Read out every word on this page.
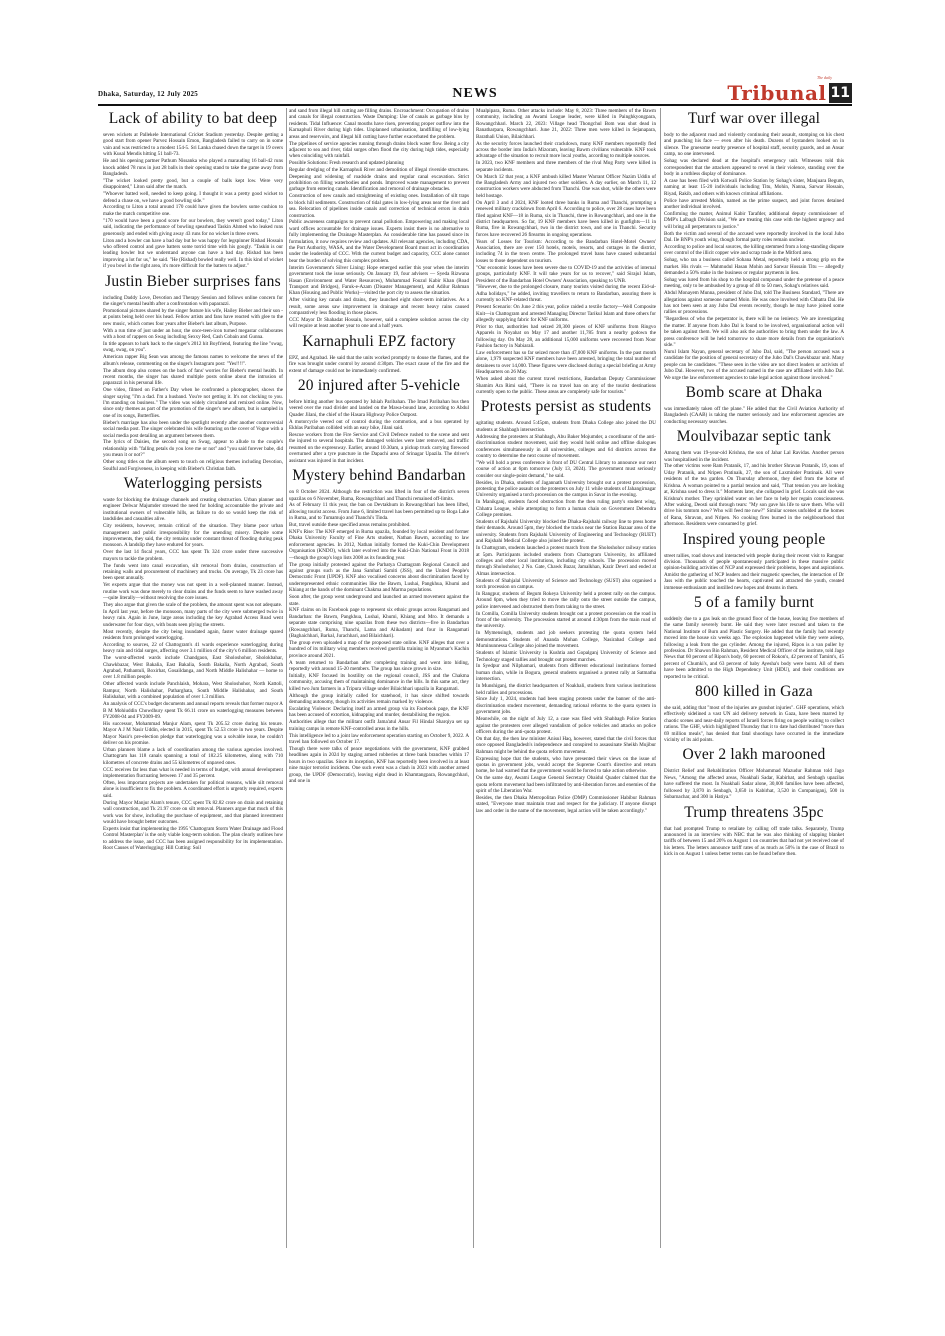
Dhaka, Saturday, 12 July 2025	NEWS
The daily
Tribunal 11
Lack of ability to bat deep

seven wickets at Pallekele International Cricket Stadium yesterday. Despite getting a good start from opener Parvez Hossain Emon, Bangladesh failed to carry on in some vain and was restricted to a modest 154-5. Sri Lanka chased down the target in 19 overs with Kusal Mendis hitting 51 ball-73.

He and his opening partner Pathum Nissanka who played a marauding 16 ball-42 runs knock added 78 runs in just 28 balls in their opening stand to take the game away from Bangladesh.

"The wicket looked pretty good, but a couple of balls kept low. Were very disappointed," Liton said after the match.

"Whoever batted well, needed to keep going. I thought it was a pretty good wicket to defend a chase on, we have a good bowling side."

According to Liton a total around 170 could have given the bowlers some cushion to make the match competitive one.

"170 would have been a good score for our bowlers, they weren't good today," Liton said, indicating the performance of bowling spearhead Taskin Ahmed who leaked runs generously and ended with giving away 43 runs for no wicket in three overs.

Liton and a bowler can have a bad day but he was happy for legspinner Rishad Hossain who offered control and gave batters some torrid time with his googly. "Taskin is our leading bowler but we understand anyone can have a bad day. Rishad has been improving a lot for us," he said. "He (Rishad) bowled really well. In this kind of wicket if you bowl in the right area, it's more difficult for the batters to adjust."

Justin Bieber surprises fans

including Daddy Love, Devotion and Therapy Session and follows online concern for the singer's mental health after a confrontation with paparazzi.

Promotional pictures shared by the singer feature his wife, Hailey Bieber and their son - at points being held over his head. Fellow artists and fans have reacted with glee to the new music, which comes four years after Bieber's last album, Purpose.

With a run time of just under an hour, the once-teen-icon turned megastar collaborates with a host of rappers on Swag including Sexxy Red, Cash Cobain and Gunna.

In title appears to hark back to the singer's 2012 hit Boyfriend, featuring the line "swag, swag, swag, on you".

American rapper Big Sean was among the famous names to welcome the news of the album's release, commenting on the singer's Instagram post: "Yes!!!!".

The album drop also comes on the back of fans' worries for Bieber's mental health. In recent months, the singer has shared multiple posts online about the intrusion of paparazzi in his personal life.

One video, filmed on Father's Day when he confronted a photographer, shows the singer saying "I'm a dad. I'm a husband. You're not getting it. It's not clocking to you. I'm standing on business." The video was widely circulated and remixed online. Now, since only themes as part of the promotion of the singer's new album, but is sampled in one of its songs, Butterflies.

Bieber's marriage has also been under the spotlight recently after another controversial social media post. The singer celebrated his wife featuring on the cover of Vogue with a social media post detailing an argument between them.

The lyrics of Daisies, the second song on Swag, appear to allude to the couple's relationship with "falling petals do you love me or not" and "you said forever babe, did you mean it or not?"

Other song titles on the album seem to touch on religious themes including Devotion, Soulful and Forgiveness, in keeping with Bieber's Christian faith.

Waterlogging persists

waste for blocking the drainage channels and creating obstruction. Urban planner and engineer Delwar Majumder stressed the need for holding accountable the private and institutional owners of vulnerable hills, as failure to do so would keep the risk of landslides and casualties alive.

City residents, however, remain critical of the situation. They blame poor urban management and public irresponsibility for the unending misery. Despite some improvements, they said, the city remains under constant threat of flooding during peak monsoon. A landslip they have endured for years.

Over the last 14 fiscal years, CCC has spent Tk 324 crore under three successive mayors to tackle the problem.

The funds went into canal excavation, silt removal from drains, construction of retaining walls and procurement of machinery and trucks. On average, Tk 23 crore has been spent annually.

Yet experts argue that the money was not spent in a well-planned manner. Instead, routine work was done merely to clear drains and the funds seem to have washed away—quite literally—without resolving the core issues.

They also argue that given the scale of the problem, the amount spent was not adequate.

In April last year, before the monsoon, many parts of the city were submerged twice in heavy rain. Again in June, large areas including the key Agrabad Access Road went underwater for four days, with boats seen plying the streets.

Most recently, despite the city being inundated again, faster water drainage spared residents from prolonged waterlogging.

According to sources, 22 of Chattogram's 41 wards experience waterlogging during heavy rain and tidal surges, affecting over 3.1 million of the city's 6 million residents.

The worst-affected wards include Chandgaon, East Sholoshohor, Sholokbahar, Chawkbazar, West Bakalia, East Bakalia, South Bakalia, North Agrabad, South Agrabad, Pathantuli, Boxirhat, Gosaildanga, and North Middle Halishahar — home to over 1.8 million people.

Other affected wards include Panchlaish, Mohara, West Sholoshohor, North Kattoli, Rampur, North Halishahar, Patharghata, South Middle Halishahar, and South Halishahar, with a combined population of over 1.3 million.

An analysis of CCC's budget documents and annual reports reveals that former mayor A B M Mohiuddin Chowdhury spent Tk 66.11 crore on waterlogging measures between FY2008-04 and FY2009-09.

His successor, Mohammad Manjur Alam, spent Tk 205.52 crore during his tenure. Mayor A J M Nasir Uddin, elected in 2015, spent Tk 52.53 crore in two years. Despite Mayor Nasir's pre-election pledge that waterlogging was a solvable issue, he couldn't deliver on his promise.

Urban planners blame a lack of coordination among the various agencies involved. Chattogram has 118 canals spanning a total of 182.25 kilometres, along with 710 kilometres of concrete drains and 55 kilometres of unpaved ones.

CCC receives far less than what is needed in terms of budget, with annual development implementation fluctuating between 17 and 35 percent.

Often, less important projects are undertaken for political reasons, while silt removal alone is insufficient to fix the problem. A coordinated effort is urgently required, experts said.

During Mayor Manjur Alam's tenure, CCC spent Tk 82.82 crore on drain and retaining wall construction, and Tk 21.97 crore on silt removal. Planners argue that much of this work was for show, including the purchase of equipment, and that planned investment would have brought better outcomes.

Experts insist that implementing the 1995 'Chattogram Storm Water Drainage and Flood Control Masterplan' is the only viable long-term solution. The plan clearly outlines how to address the issue, and CCC has been assigned responsibility for its implementation. Root Causes of Waterlogging: Hill Cutting: Soil

and sand from illegal hill cutting are filling drains. Encroachment: Occupation of drains and canals for illegal construction. Waste Dumping: Use of canals as garbage bins by residents. Tidal Influence: Canal mouths have risen, preventing proper outflow into the Karnaphuli River during high tides. Unplanned urbanisation, landfilling of low-lying areas and reservoirs, and illegal hill cutting have further exacerbated the problem.

The pipelines of service agencies running through drains block water flow. Being a city adjacent to sea and river, tidal surges often flood the city during high tides, especially when coinciding with rainfall.

Possible Solutions: Fresh research and updated planning

Regular dredging of the Karnaphuli River and demolition of illegal riverside structures. Deepening and widening of roadside drains and regular canal excavation. Strict prohibition on filling waterbodies and ponds. Improved waste management to prevent garbage from entering canals. Identification and removal of drainage obstacles.

Construction of new canals and straightening of existing ones. Installation of silt traps to block hill sediments. Construction of tidal gates in low-lying areas near the river and sea. Relocation of pipelines inside canals and correction of technical errors in drain construction.

Public awareness campaigns to prevent canal pollution. Empowering and making local ward offices accountable for drainage issues. Experts insist there is no alternative to fully implementing the Drainage Masterplan. As considerable time has passed since its formulation, it now requires review and updates. All relevant agencies, including CDA, the Port Authority, WASA, and the Water Development Board must act in coordination under the leadership of CCC. With the current budget and capacity, CCC alone cannot bear the burden of solving this complex problem.

Interim Government's Silver Lining: Hope emerged earlier this year when the interim government took the issue seriously. On January 19, four advisers — Syeda Rizwana Hasan (Environment and Water Resources), Muhammad Fouzul Kabir Khan (Road Transport and Bridges), Faruk-e-Azam (Disaster Management), and Adilur Rahman Khan (Housing and Public Works)—visited the port city to assess the situation.

After visiting key canals and drains, they launched eight short-term initiatives. As a result, some areas saw improvement in drainage and recent heavy rains caused comparatively less flooding in those places.

CCC Mayor Dr Shahadat Hossain, however, said a complete solution across the city will require at least another year to one and a half years.

Karnaphuli EPZ factory

EPZ, and Agrabad. He said that the units worked promptly to douse the flames, and the fire was brought under control by around 4:30pm. The exact cause of the fire and the extent of damage could not be immediately confirmed.

20 injured after 5-vehicle

before hitting another bus operated by Ishiah Paribahan. The Imad Paribahan bus then veered over the road divider and landed on the Mawa-bound lane, according to Abdul Quader Jilani, the chief of the Hasara Highway Police Outpost.

A motorcycle veered out of control during the commotion, and a bus operated by Ekhlas Paribahan collided with an easy bike, Jilani said.

Rescue workers from the Fire Service and Civil Defence rushed to the scene and sent the injured to several hospitals. The damaged vehicles were later removed, and traffic resumed on the expressway. Earlier, around 10.30am, a pickup truck carrying firewood overturned after a tyre puncture in the Dapachi area of Srinagar Upazila. The driver's assistant was injured in that incident.

Mystery behind Bandarban

on 8 October 2024. Although the restriction was lifted in four of the district's seven upazilas on 6 November, Ruma, Rowangchhari and Thanchi remained off-limits.

As of February 11 this year, the ban on Devtakhum in Rowangchhari has been lifted, allowing tourist access. From June 6, limited travel has been permitted up to Boga Lake in Ruma, and to Tumamujo and Thanchi's Tinda.

But, travel outside these specified areas remains prohibited.

KNF's Rise: The KNF emerged in Ruma upazila, founded by local resident and former Dhaka University Faculty of Fine Arts student, Nathan Bawm, according to law enforcement agencies. In 2012, Nathan initially formed the Kuki-Chin Development Organisation (KNDO), which later evolved into the Kuki-Chin National Front in 2018—though the group's logo lists 2008 as its founding year.

The group initially protested against the Parbatya Chattagram Regional Council and against groups such as the Jana Samhati Samiti (JSS), and the United People's Democratic Front (UPDF). KNF also vocalised concerns about discrimination faced by underrepresented ethnic communities like the Bawm, Lushai, Pangkhua, Khumi and Khiang at the hands of the dominant Chakma and Marma populations.

Soon after, the group went underground and launched an armed movement against the state.

KNF claims on its Facebook page to represent six ethnic groups across Rangamati and Bandarban: the Bawm, Pangkhua, Lushai, Khumi, Khiang and Mro. It demands a separate state comprising nine upazilas from these two districts—five in Bandarban (Rowangchhari, Ruma, Thanchi, Lama and Alikadam) and four in Rangamati (Baghaichhari, Barkal, Jurachhari, and Bilaichhari).

The group even uploaded a map of the proposed state online. KNF alleges that over a hundred of its military wing members received guerrilla training in Myanmar's Kachin province around 2021.

A team returned to Bandarban after completing training and went into hiding, reportedly with around 15-20 members. The group has since grown in size.

Initially, KNF focused its hostility on the regional council, JSS and the Chakma community, accusing them of maintaining dominance in the hills. In this same act, they killed two Jum farmers in a Tripura village under Bilaichhari upazila in Rangamati.

Although the group initially called for statehood, it has since shifted towards demanding autonomy, though its activities remain marked by violence.

Escalating Violence: Declaring itself an armed group via its Facebook page, the KNF has been accused of extortion, kidnapping and murder, destabilising the region.

Authorities allege that the militant outfit Jama'atul Ansar Fil Hindal Sharqiya set up training camps in remote KNF-controlled areas in the hills.

This intelligence led to a joint law enforcement operation starting on October 9, 2022. A travel ban followed on October 17.

Though there were talks of peace negotiations with the government, KNF grabbed headlines again in 2024 by staging armed robberies at three bank branches within 17 hours in two upazilas. Since its inception, KNF has reportedly been involved in at least nine major terrorist incidents. One such event was a clash in 2023 with another armed group, the UPDF (Democratic), leaving eight dead in Khamtangpara, Rowangchhari, and one in

Mualpipara, Ruma. Other attacks include: May 8, 2023: Three members of the Bawm community, including an Awami League leader, were killed in Painghkyongpara, Rowangchhari. March 22, 2023: Village head Thongchul Bom was shot dead in Ranatharpara, Rowangchhari. June 21, 2022: Three men were killed in Sejanapara, Barathali Union, Bilaichhari.

As the security forces launched their crackdown, many KNF members reportedly fled across the border into India's Mizoram, leaving Bawm civilians vulnerable. KNF took advantage of the situation to recruit more local youths, according to multiple sources.

In 2023, two KNF members and three members of the rival Mog Party were killed in separate incidents.

On March 12 that year, a KNF ambush killed Master Warrant Officer Nazim Uddin of the Bangladesh Army and injured two other soldiers. A day earlier, on March 11, 12 construction workers were abducted from Thanchi. One was shot, while the others were held hostage.

On April 3 and 4 2024, KNF looted three banks in Ruma and Thanchi, prompting a renewed military crackdown from April 6. According to police, over 28 cases have been filed against KNF—18 in Ruma, six in Thanchi, three in Rowangchhari, and one in the district headquarters. So far, 19 KNF members have been killed in gunfights—11 in Ruma, five in Rowangchhari, two in the district town, and one in Thanchi. Security forces have recovered 26 firearms in ongoing operations.

Years of Losses for Tourism: According to the Bandarban Hotel-Motel Owners' Association, there are over 150 hotels, motels, resorts, and cottages in the district, including 74 in the town centre. The prolonged travel bans have caused substantial losses to those dependent on tourism.

"Our economic losses have been severe due to COVID-19 and the activities of internal groups, particularly KNF. It will take years for us to recover," said Sirajul Islam, President of the Bandarban Hotel Owners' Association, speaking to UNB.

"However, due to the prolonged closure, many tourists visited during the recent Eid-ul-Adha holidays," he added, inviting travellers to return to Bandarban, assuring there is currently no KNF-related threat.

Present Scenario: On June 2 this year, police raided a textile factory—Well Composite Knit—in Chattogram and arrested Managing Director Tarikul Islam and three others for allegedly supplying fabric for KNF uniforms.

Prior to that, authorities had seized 20,300 pieces of KNF uniforms from Ringvo Apparels in Noyahat on May 17 and another 11,785 from a nearby godown the following day. On May 28, an additional 15,000 uniforms were recovered from Noor Fashion factory in Nabiarali.

Law enforcement has so far seized more than 47,000 KNF uniforms. In the past month alone, 1,979 suspected KNF members have been arrested, bringing the total number of detainees to over 14,000. These figures were disclosed during a special briefing at Army Headquarters on 26 May.

When asked about the current travel restrictions, Bandarban Deputy Commissioner Shamim Ara Rimi said, "There is no travel ban on any of the tourist destinations currently open to the public. These areas are completely safe for tourists."

Protests persist as students

agitating students. Around 5:45pm, students from Dhaka College also joined the DU students at Shahbagh intersection.

Addressing the protesters at Shahbagh, Abu Baker Mojumder, a coordinator of the anti-discrimination student movement, said they would hold online and offline dialogues conferences simultaneously in all universities, colleges and 64 districts across the country to determine the next course of movement.

"We will hold a press conference in front of DU Central Library to announce our next course of action at 6pm tomorrow (July 13, 2024). The government must seriously consider our single-point demand," he said.

Besides, in Dhaka, students of Jagannath University brought out a protest procession, protesting the police assault on the protesters on July 11 while students of Jahangirnagar University organised a torch procession on the campus in Savar in the evening.

In Manikganj, students faced obstruction from the then ruling party's student wing, Chhatra League, while attempting to form a human chain on Government Debendra College premises.

Students of Rajshahi University blocked the Dhaka-Rajshahi railway line to press home their demands. Around 5pm, they blocked the tracks near the Station Bazaar area of the university. Students from Rajshahi University of Engineering and Technology (RUET) and Rajshahi Medical College also joined the protest.

In Chattogram, students launched a protest march from the Sholoshohor railway station at 5pm. Participants included students from Chattogram University, its affiliated colleges and other local institutions, including city schools. The procession moved through Sholoshohor, 2 No. Gate, Chawk Bazar, Jamalkhan, Kazir Dewri and ended at Almas intersection.

Students of Shahjalal University of Science and Technology (SUST) also organised a torch procession on campus.

In Rangpur, students of Begum Rokeya University held a protest rally on the campus. Around 6pm, when they tried to move the rally onto the street outside the campus, police intervened and obstructed them from taking to the street.

In Comilla, Comilla University students brought out a protest procession on the road in front of the university. The procession started at around 4:30pm from the main road of the university.

In Mymensingh, students and job seekers protesting the quota system held demonstrations. Students of Ananda Mohan College, Nasirabad College and Muminunnessa College also joined the movement.

Students of Islamic University in Kushtia and Gopalganj University of Science and Technology staged rallies and brought out protest marches.

In Syedpur and Nilphamari, students from different educational institutions formed human chain, while in Bogura, general students organised a protest rally at Satmatha intersection.

In Munshiganj, the district headquarters of Noakhali, students from various institutions held rallies and processions.

Since July 1, 2024, students had been staging protests under the banner of the anti-discrimination student movement, demanding rational reforms to the quota system in government jobs.

Meanwhile, on the night of July 12, a case was filed with Shahbagh Police Station against the protesters over alleged vandalism of police vehicles and attacks on police officers during the anti-quota protest.

On that day, the then law minister Anisul Haq, however, stated that the civil forces that once opposed Bangladesh's independence and conspired to assassinate Sheikh Mujibur Rahman might be behind the quota reform movement.

Expressing hope that the students, who have presented their views on the issue of quotas in government jobs, would accept the Supreme Court's directive and return home, he had warned that the government would be forced to take action otherwise.

On the same day, Awami League General Secretary Obaidul Quader claimed that the quota reform movement had been infiltrated by anti-liberation forces and enemies of the spirit of the Liberation War.

Besides, the then Dhaka Metropolitan Police (DMP) Commissioner Habibur Rahman stated, "Everyone must maintain trust and respect for the judiciary. If anyone disrupt law and order in the name of the movement, legal action will be taken accordingly."

Turf war over illegal

body to the adjacent road and violently continuing their assault, stomping on his chest and punching his face — even after his death. Dozens of bystanders looked on in silence. The gruesome nearby presence of hospital staff, security guards, and an Ansar camp, no one intervened.

Sohag was declared dead at the hospital's emergency unit. Witnesses told this correspondent that the attackers appeared to revel in their violence, standing over the body in a ruthless display of dominance.

A case has been filed with Kotwali Police Station by Sohag's sister, Manjuara Begum, naming at least 15-20 individuals including Titu, Mohin, Nanna, Sarwar Hossain, Riyad, Rakib, and others with known criminal affiliations.

Police have arrested Mohin, named as the prime suspect, and joint forces detained another individual involved.

Confirming the matter, Animul Kabir Tarafder, additional deputy commissioner of DMP's Lalbagh Division said, "We are treating this case with the highest urgency and will bring all perpetrators to justice."

Both the victim and several of the accused were reportedly involved in the local Jubo Dal. Ile BNP's youth wing, though formal party roles remain unclear.

According to police and local sources, the killing stemmed from a long-standing dispute over control of the illicit copper wire and scrap trade in the Mitford area.

Sohag, who ran a business called Sohana Metal, reportedly held a strong grip on the market. His rivals — Mahmudul Hasan Mohin and Sarwar Hossain Titu — allegedly demanded a 50% stake in the business or regular payments in lieu.

Sohag was lured from his shop to the hospital compound under the pretense of a peace meeting, only to be ambushed by a group of 40 to 50 men, Sohag's relatives said.

Abdul Monayem Munna, president of Jubo Dal, told The Business Standard, "There are allegations against someone named Moin. He was once involved with Chhatra Dal. He has not been seen at any Jubo Dal events recently, though he may have joined some rallies or processions.

"Regardless of who the perpetrator is, there will be no leniency. We are investigating the matter. If anyone from Jubo Dal is found to be involved, organisational action will be taken against them. We will also ask the authorities to bring them under the law. A press conference will be held tomorrow to share more details from the organisation's side."

Nurul Islam Nayan, general secretary of Jubo Dal, said, "The person accused was a candidate for the position of general secretary of the Jubo Dal's Chawkbazar unit. Many people can be candidates. "These seen in the video are not direct leaders or activists of Jubo Dal. However, two of the accused named in the case are affiliated with Jubo Dal. We urge the law enforcement agencies to take legal action against those involved."

Bomb scare at Dhaka

was immediately taken off the plane." He added that the Civil Aviation Authority of Bangladesh (CAAB) is taking the matter seriously and law enforcement agencies are conducting necessary searches.

Moulvibazar septic tank

Among them was 19-year-old Krishna, the son of Jahar Lal Ravidas. Another person was hospitalised in the incident.

The other victims were Ram Pratanik, 17, and his brother Shravan Pratanik, 19, sons of Uday Pratanik, and Nripen Pratinaik, 27, the son of Laxminder Pratinaik. All were residents of the tea garden. On Thursday afternoon, they died from the home of Krishna. A woman pointed to a partial tension and said, "That tension you are looking at, Krishna used to dress it." Moments later, she collapsed in grief. Locals said she was Krishna's mother. They sprinkled water on her face to help her regain consciousness. After waking, Deosti said through tears: "My son gave his life to save them. Who will drive his tomtom now? Who will feed me now?" Similar scenes unfolded at the homes of Rana, Shravan, and Nripen. No cooking fires burned in the neighbourhood that afternoon. Residents were consumed by grief.

Inspired young people

street rallies, road shows and interacted with people during their recent visit to Rangpur division. Thousands of people spontaneously participated in these massive public opinion-building activities of NCP and expressed their problems, hopes and aspirations. Amidst the gathering of NCP leaders and their magnetic speeches, the interaction of Dr Jass with the public touched the hearts, captivated and attracted the youth, created immense enthusiasm and instilled new hopes and dreams in them.

5 of a family burnt

suddenly due to a gas leak on the ground floor of the house, leaving five members of the same family severely burnt. He said they were later rescued and taken to the National Institute of Burn and Plastic Surgery. He added that the family had recently moved into the house six weeks ago. The explosion happened while they were asleep, following a leak from the gas cylinder. Among the injured, Ripon is a van puller by profession. Dr Shawon Bin Rahman, Resident Medical Officer of the institute, told Jago News that 60 percent of Ripon's body, 60 percent of Rokon's, 42 percent of Tamim's, 45 percent of Chumki's, and 63 percent of baby Ayesha's body were burnt. All of them have been admitted to the High Dependency Unit (HDU), and their conditions are reported to be critical.

800 killed in Gaza

she said, adding that "most of the injuries are gunshot injuries". GHF operations, which effectively sidelined a vast UN aid delivery network in Gaza, have been marred by chaotic scenes and near-daily reports of Israeli forces firing on people waiting to collect rations. The GHF, which highlighted Thursday that it to date had distributed "more than 69 million meals", has denied that fatal shootings have occurred in the immediate vicinity of its aid points.

Over 2 lakh marooned

District Relief and Rehabilitation Officer Mohammad Mazudur Rahman told Jago News, "Among the affected areas, Noakhali Sadar, Kabirhat, and Senbagh upazilas have suffered the most. In Noakhali Sadar alone, 30,000 families have been affected, followed by 3,870 in Senbagh, 3,650 in Kabirhat, 3,520 in Companiganj, 500 in Subarnachar, and 300 in Hatiya."

Trump threatens 35pc

that had prompted Trump to retaliate by calling off trade talks. Separately, Trump announced in an interview with NBC that he was also thinking of slapping blanket tariffs of between 15 and 20% on August 1 on countries that had not yet received one of his letters. The letters announce tariff rates of as much as 50% in the case of Brazil to kick in on August 1 unless better terms can be found before then.
